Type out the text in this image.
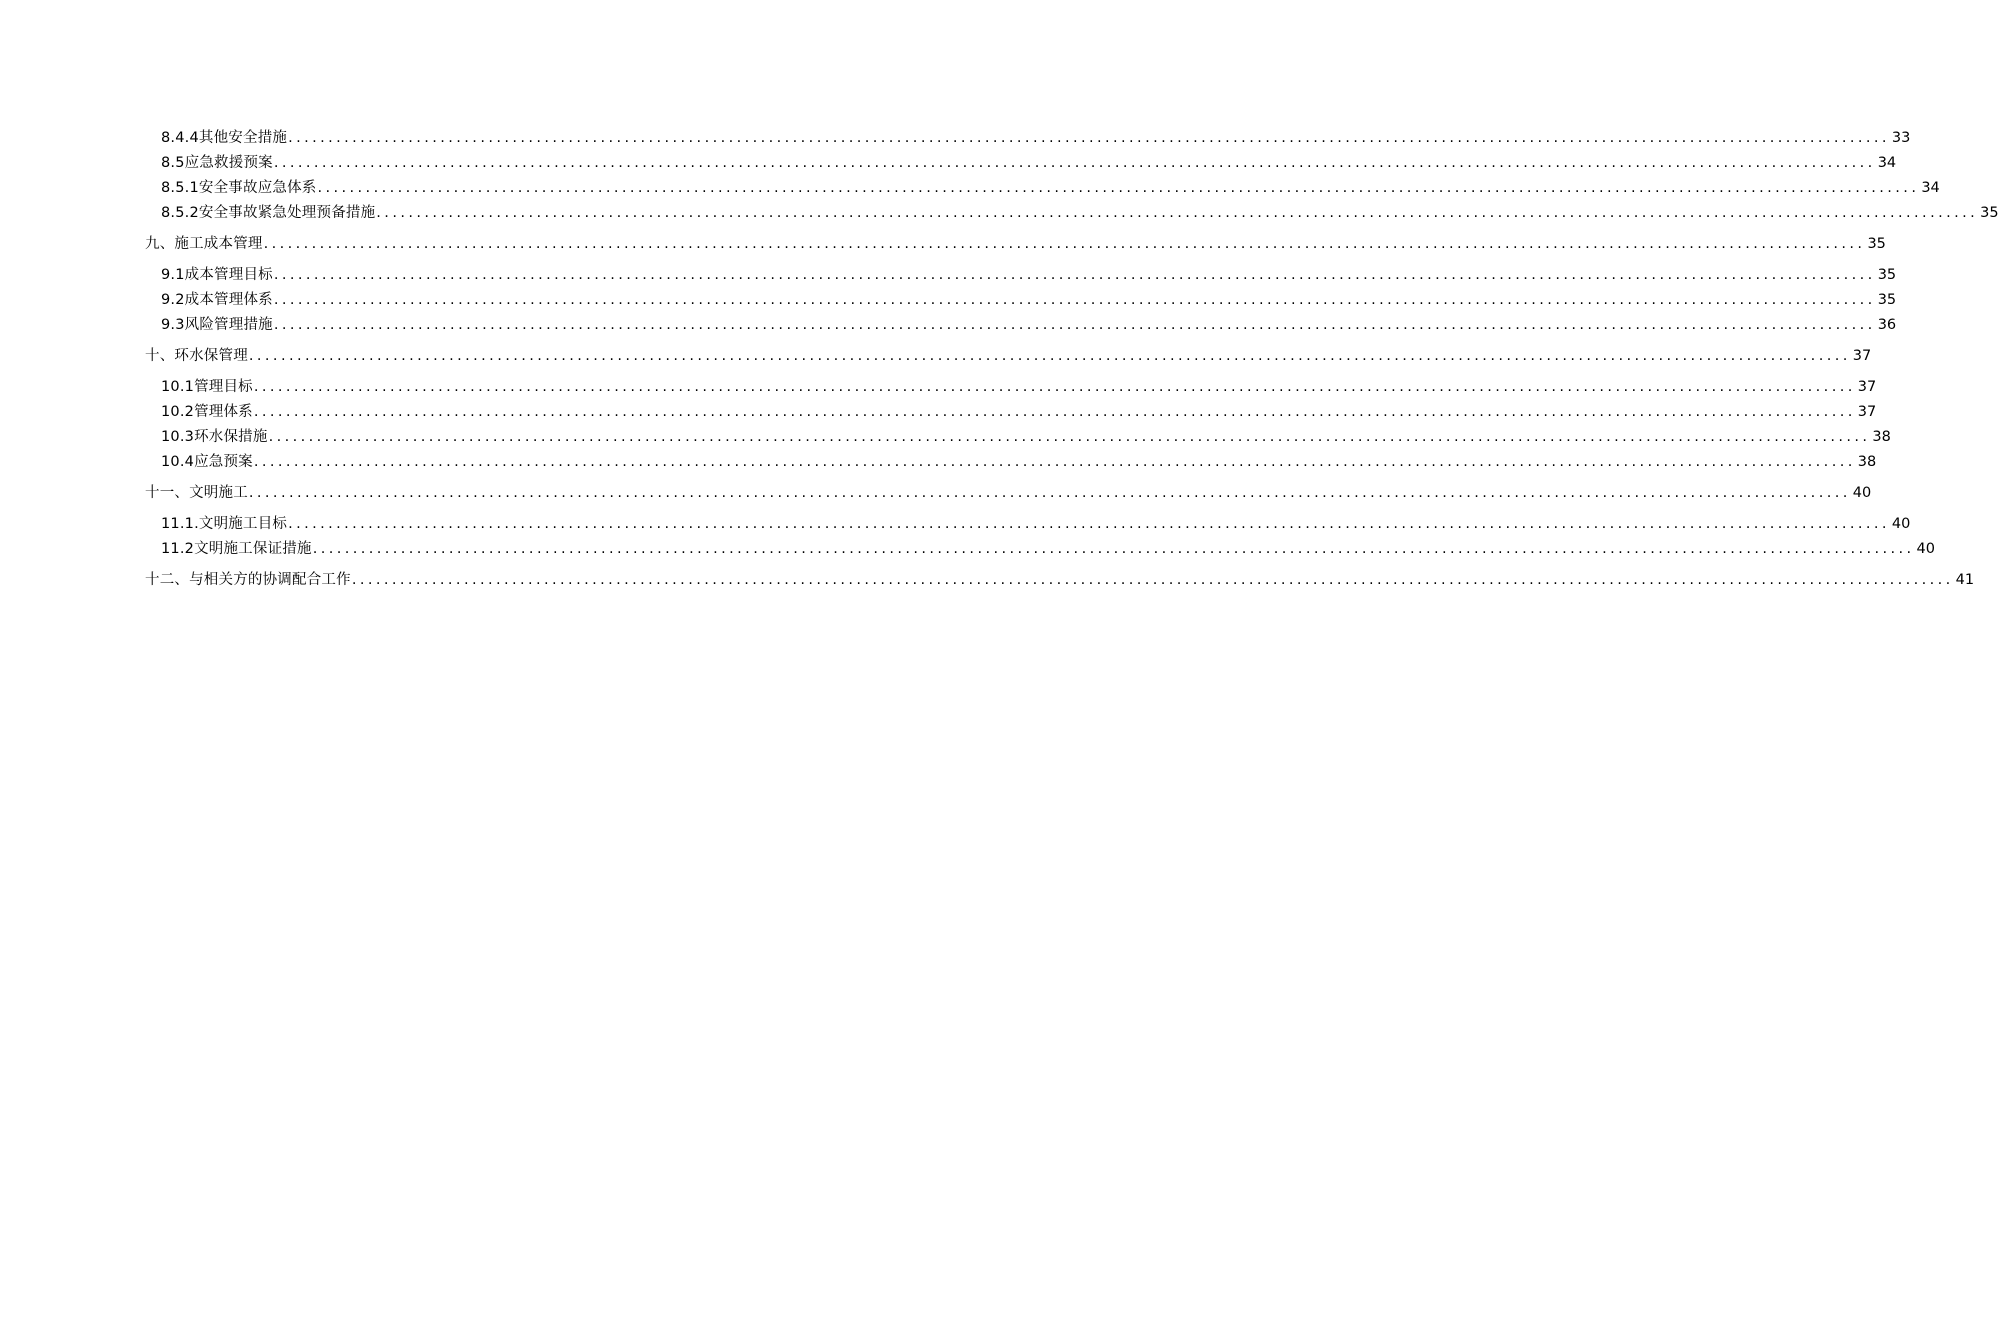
8.4.4其他安全措施 ........................................................................................................................................................................................................ 33
8.5应急救援预案 ........................................................................................................................................................................................................ 34
8.5.1安全事故应急体系 ........................................................................................................................................................................................................ 34
8.5.2安全事故紧急处理预备措施 ........................................................................................................................................................................................................ 35
九、施工成本管理 ........................................................................................................................................................................................................ 35
9.1成本管理目标 ........................................................................................................................................................................................................ 35
9.2成本管理体系 ........................................................................................................................................................................................................ 35
9.3风险管理措施 ........................................................................................................................................................................................................ 36
十、环水保管理 ........................................................................................................................................................................................................ 37
10.1管理目标 ........................................................................................................................................................................................................ 37
10.2管理体系 ........................................................................................................................................................................................................ 37
10.3环水保措施 ........................................................................................................................................................................................................ 38
10.4应急预案 ........................................................................................................................................................................................................ 38
十一、文明施工 ........................................................................................................................................................................................................ 40
11.1.文明施工目标 ........................................................................................................................................................................................................ 40
11.2文明施工保证措施 ........................................................................................................................................................................................................ 40
十二、与相关方的协调配合工作 ........................................................................................................................................................................................................ 41
